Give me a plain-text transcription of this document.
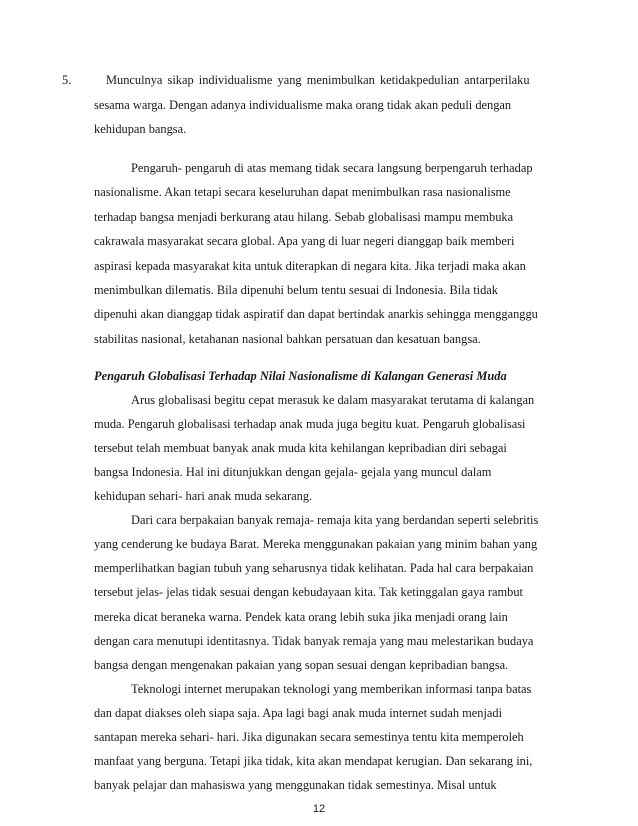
5.	Munculnya sikap individualisme yang menimbulkan ketidakpedulian antarperilaku
sesama warga. Dengan adanya individualisme maka orang tidak akan peduli dengan
kehidupan bangsa.
Pengaruh- pengaruh di atas memang tidak secara langsung berpengaruh terhadap
nasionalisme. Akan tetapi secara keseluruhan dapat menimbulkan rasa nasionalisme
terhadap bangsa menjadi berkurang atau hilang. Sebab globalisasi mampu membuka
cakrawala masyarakat secara global. Apa yang di luar negeri dianggap baik memberi
aspirasi kepada masyarakat kita untuk diterapkan di negara kita. Jika terjadi maka akan
menimbulkan dilematis. Bila dipenuhi belum tentu sesuai di Indonesia. Bila tidak
dipenuhi akan dianggap tidak aspiratif dan dapat bertindak anarkis sehingga mengganggu
stabilitas nasional, ketahanan nasional bahkan persatuan dan kesatuan bangsa.
Pengaruh Globalisasi Terhadap Nilai Nasionalisme di Kalangan Generasi Muda
Arus globalisasi begitu cepat merasuk ke dalam masyarakat terutama di kalangan
muda. Pengaruh globalisasi terhadap anak muda juga begitu kuat. Pengaruh globalisasi
tersebut telah membuat banyak anak muda kita kehilangan kepribadian diri sebagai
bangsa Indonesia. Hal ini ditunjukkan dengan gejala- gejala yang muncul dalam
kehidupan sehari- hari anak muda sekarang.
Dari cara berpakaian banyak remaja- remaja kita yang berdandan seperti selebritis
yang cenderung ke budaya Barat. Mereka menggunakan pakaian yang minim bahan yang
memperlihatkan bagian tubuh yang seharusnya tidak kelihatan. Pada hal cara berpakaian
tersebut jelas- jelas tidak sesuai dengan kebudayaan kita. Tak ketinggalan gaya rambut
mereka dicat beraneka warna. Pendek kata orang lebih suka jika menjadi orang lain
dengan cara menutupi identitasnya. Tidak banyak remaja yang mau melestarikan budaya
bangsa dengan mengenakan pakaian yang sopan sesuai dengan kepribadian bangsa.
Teknologi internet merupakan teknologi yang memberikan informasi tanpa batas
dan dapat diakses oleh siapa saja. Apa lagi bagi anak muda internet sudah menjadi
santapan mereka sehari- hari. Jika digunakan secara semestinya tentu kita memperoleh
manfaat yang berguna. Tetapi jika tidak, kita akan mendapat kerugian. Dan sekarang ini,
banyak pelajar dan mahasiswa yang menggunakan tidak semestinya. Misal untuk
12
